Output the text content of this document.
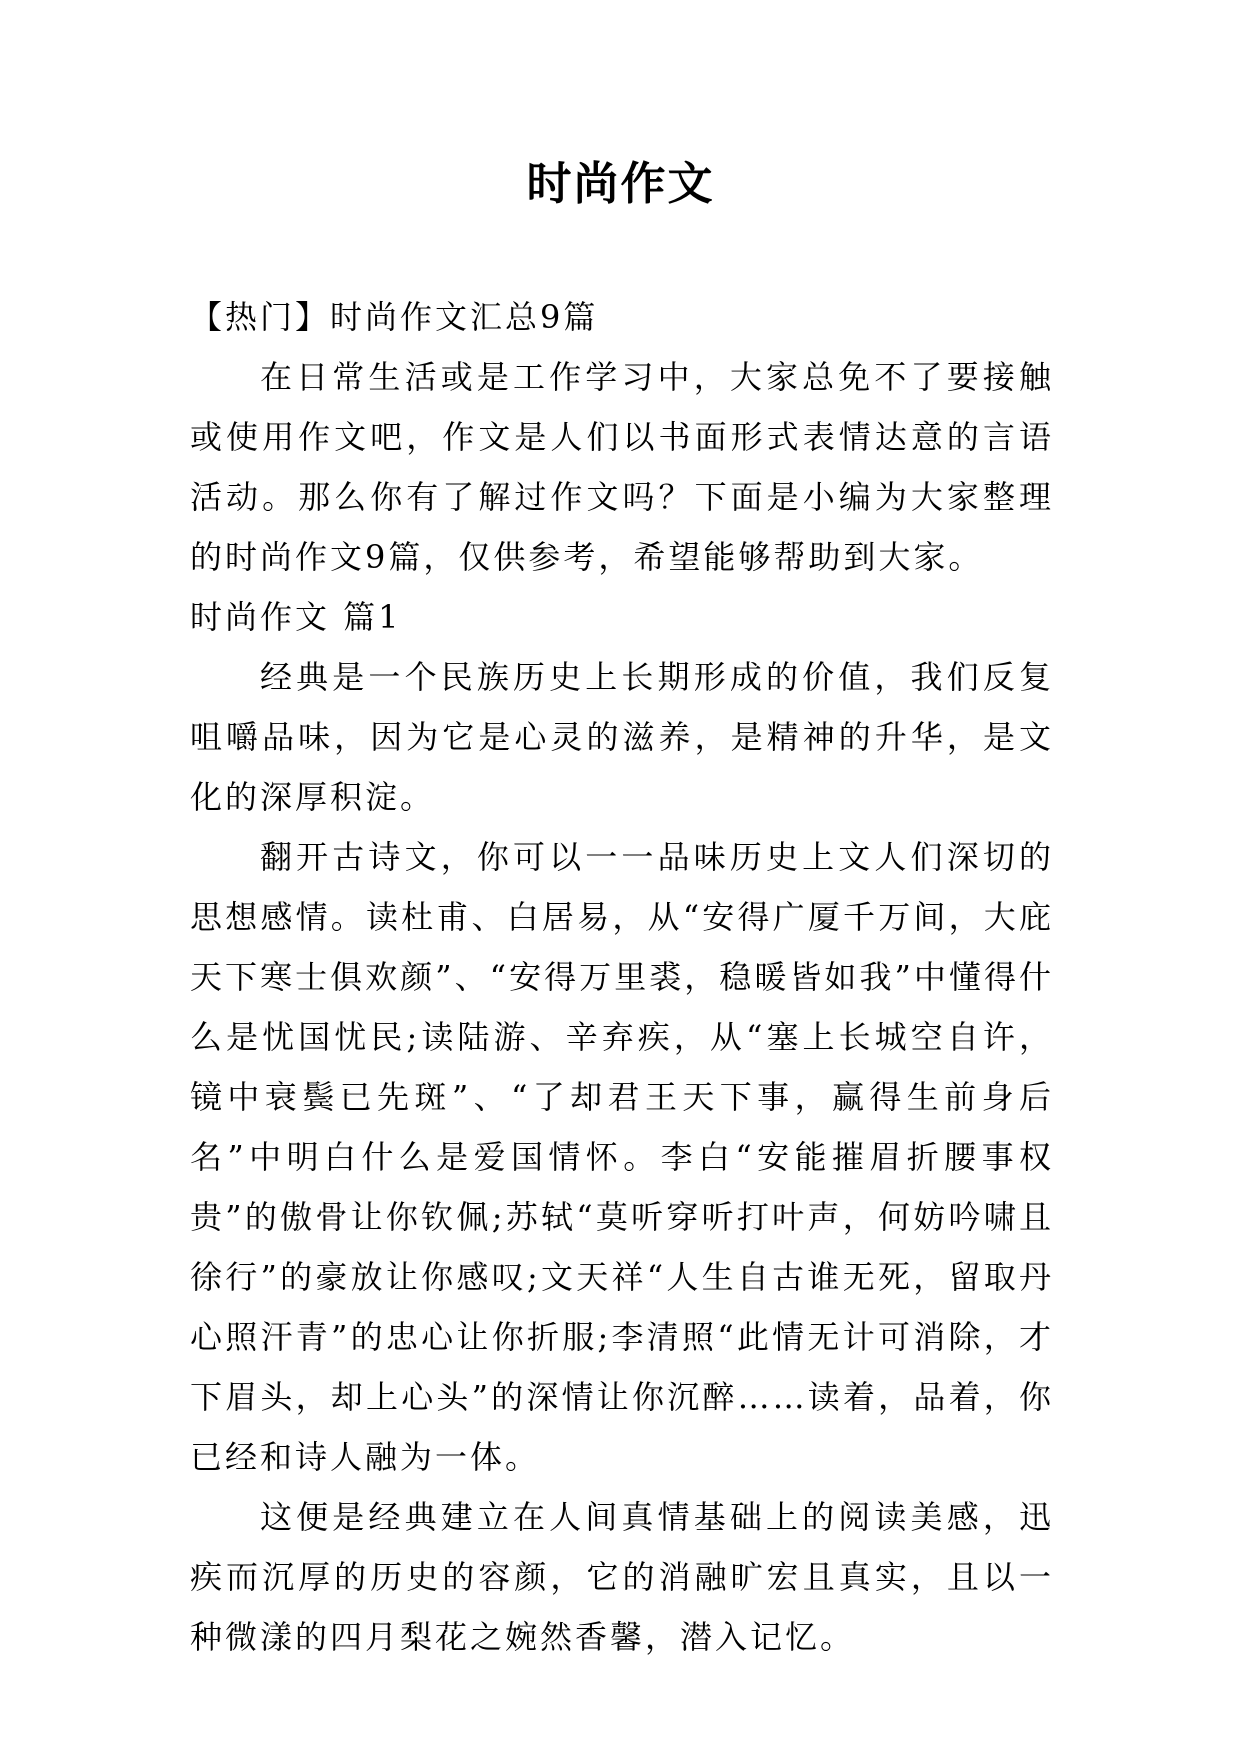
时尚作文

【热门】时尚作文汇总9篇

在日常生活或是工作学习中，大家总免不了要接触或使用作文吧，作文是人们以书面形式表情达意的言语活动。那么你有了解过作文吗？下面是小编为大家整理的时尚作文9篇，仅供参考，希望能够帮助到大家。

时尚作文 篇1

经典是一个民族历史上长期形成的价值，我们反复咀嚼品味，因为它是心灵的滋养，是精神的升华，是文化的深厚积淀。

翻开古诗文，你可以一一品味历史上文人们深切的思想感情。读杜甫、白居易，从“安得广厦千万间，大庇天下寒士俱欢颜”、“安得万里裘，稳暖皆如我”中懂得什么是忧国忧民;读陆游、辛弃疾，从“塞上长城空自许，镜中衰鬓已先斑”、“了却君王天下事，赢得生前身后名”中明白什么是爱国情怀。李白“安能摧眉折腰事权贵”的傲骨让你钦佩;苏轼“莫听穿听打叶声，何妨吟啸且徐行”的豪放让你感叹;文天祥“人生自古谁无死，留取丹心照汗青”的忠心让你折服;李清照“此情无计可消除，才下眉头，却上心头”的深情让你沉醉……读着，品着，你已经和诗人融为一体。

这便是经典建立在人间真情基础上的阅读美感，迅疾而沉厚的历史的容颜，它的消融旷宏且真实，且以一种微漾的四月梨花之婉然香馨，潜入记忆。
